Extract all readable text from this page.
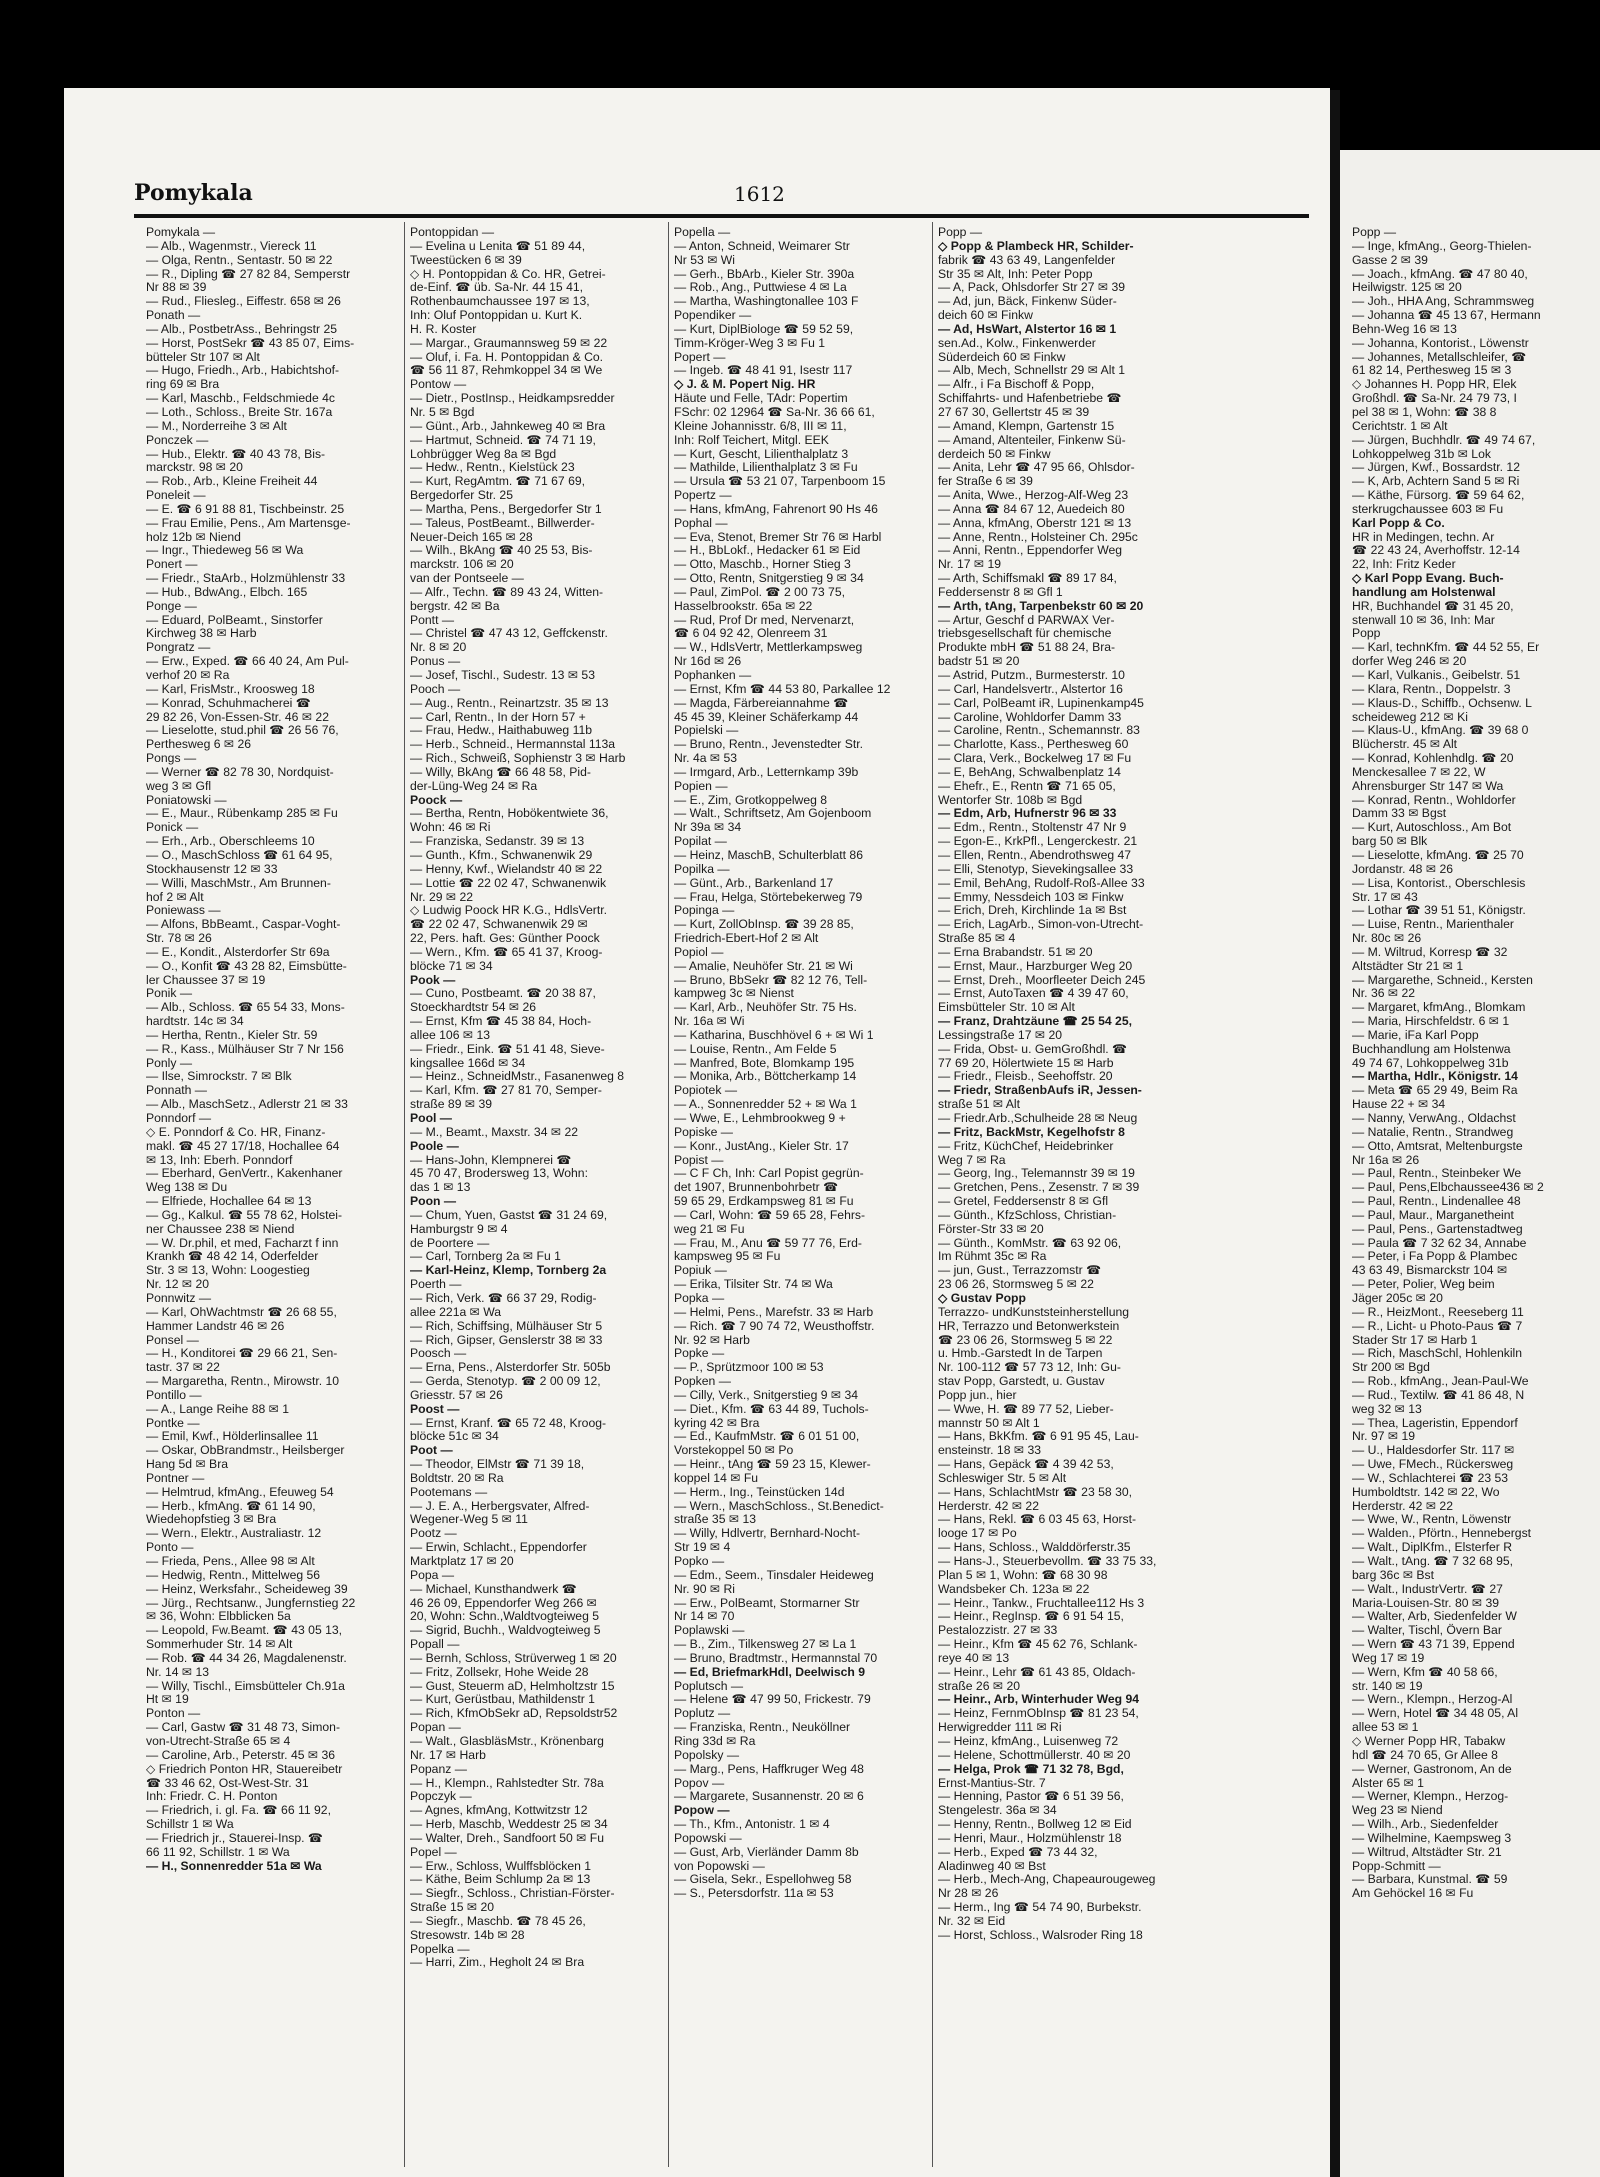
Pomykala	1612
Pomykala —
— Alb., Wagenmstr., Viereck 11
— Olga, Rentn., Sentastr. 50 ✉ 22
— R., Dipling ☎ 27 82 84, Semperstr
Nr 88 ✉ 39
— Rud., Fliesleg., Eiffestr. 658 ✉ 26
Ponath —
— Alb., PostbetrAss., Behringstr 25
— Horst, PostSekr ☎ 43 85 07, Eims-
bütteler Str 107 ✉ Alt
— Hugo, Friedh., Arb., Habichtshof-
ring 69 ✉ Bra
— Karl, Maschb., Feldschmiede 4c
— Loth., Schloss., Breite Str. 167a
— M., Norderreihe 3 ✉ Alt
Ponczek —
— Hub., Elektr. ☎ 40 43 78, Bis-
marckstr. 98 ✉ 20
— Rob., Arb., Kleine Freiheit 44
Poneleit —
— E. ☎ 6 91 88 81, Tischbeinstr. 25
— Frau Emilie, Pens., Am Martensge-
holz 12b ✉ Niend
— Ingr., Thiedeweg 56 ✉ Wa
Ponert —
— Friedr., StaArb., Holzmühlenstr 33
— Hub., BdwAng., Elbch. 165
Ponge —
— Eduard, PolBeamt., Sinstorfer
Kirchweg 38 ✉ Harb
Pongratz —
— Erw., Exped. ☎ 66 40 24, Am Pul-
verhof 20 ✉ Ra
— Karl, FrisMstr., Kroosweg 18
— Konrad, Schuhmacherei ☎
29 82 26, Von-Essen-Str. 46 ✉ 22
— Lieselotte, stud.phil ☎ 26 56 76,
Perthesweg 6 ✉ 26
Pongs —
— Werner ☎ 82 78 30, Nordquist-
weg 3 ✉ Gfl
Poniatowski —
— E., Maur., Rübenkamp 285 ✉ Fu
Ponick —
— Erh., Arb., Oberschleems 10
— O., MaschSchloss ☎ 61 64 95,
Stockhausenstr 12 ✉ 33
— Willi, MaschMstr., Am Brunnen-
hof 2 ✉ Alt
Poniewass —
— Alfons, BbBeamt., Caspar-Voght-
Str. 78 ✉ 26
— E., Kondit., Alsterdorfer Str 69a
— O., Konfit ☎ 43 28 82, Eimsbütte-
ler Chaussee 37 ✉ 19
Ponik —
— Alb., Schloss. ☎ 65 54 33, Mons-
hardtstr. 14c ✉ 34
— Hertha, Rentn., Kieler Str. 59
— R., Kass., Mülhäuser Str 7 Nr 156
Ponly —
— Ilse, Simrockstr. 7 ✉ Blk
Ponnath —
— Alb., MaschSetz., Adlerstr 21 ✉ 33
Ponndorf —
◇ E. Ponndorf & Co. HR, Finanz-
makl. ☎ 45 27 17/18, Hochallee 64
✉ 13, Inh: Eberh. Ponndorf
— Eberhard, GenVertr., Kakenhaner
Weg 138 ✉ Du
— Elfriede, Hochallee 64 ✉ 13
— Gg., Kalkul. ☎ 55 78 62, Holstei-
ner Chaussee 238 ✉ Niend
— W. Dr.phil, et med, Facharzt f inn
Krankh ☎ 48 42 14, Oderfelder
Str. 3 ✉ 13, Wohn: Loogestieg
Nr. 12 ✉ 20
Ponnwitz —
— Karl, OhWachtmstr ☎ 26 68 55,
Hammer Landstr 46 ✉ 26
Ponsel —
— H., Konditorei ☎ 29 66 21, Sen-
tastr. 37 ✉ 22
— Margaretha, Rentn., Mirowstr. 10
Pontillo —
— A., Lange Reihe 88 ✉ 1
Pontke —
— Emil, Kwf., Hölderlinsallee 11
— Oskar, ObBrandmstr., Heilsberger
Hang 5d ✉ Bra
Pontner —
— Helmtrud, kfmAng., Efeuweg 54
— Herb., kfmAng. ☎ 61 14 90,
Wiedehopfstieg 3 ✉ Bra
— Wern., Elektr., Australiastr. 12
Ponto —
— Frieda, Pens., Allee 98 ✉ Alt
— Hedwig, Rentn., Mittelweg 56
— Heinz, Werksfahr., Scheideweg 39
— Jürg., Rechtsanw., Jungfernstieg 22
✉ 36, Wohn: Elbblicken 5a
— Leopold, Fw.Beamt. ☎ 43 05 13,
Sommerhuder Str. 14 ✉ Alt
— Rob. ☎ 44 34 26, Magdalenenstr.
Nr. 14 ✉ 13
— Willy, Tischl., Eimsbütteler Ch.91a
Ht ✉ 19
Ponton —
— Carl, Gastw ☎ 31 48 73, Simon-
von-Utrecht-Straße 65 ✉ 4
— Caroline, Arb., Peterstr. 45 ✉ 36
◇ Friedrich Ponton HR, Stauereibetr
☎ 33 46 62, Ost-West-Str. 31
Inh: Friedr. C. H. Ponton
— Friedrich, i. gl. Fa. ☎ 66 11 92,
Schillstr 1 ✉ Wa
— Friedrich jr., Stauerei-Insp. ☎
66 11 92, Schillstr. 1 ✉ Wa
— H., Sonnenredder 51a ✉ Wa
Pontoppidan —
— Evelina u Lenita ☎ 51 89 44,
Tweestücken 6 ✉ 39
◇ H. Pontoppidan & Co. HR, Getrei-
de-Einf. ☎ üb. Sa-Nr. 44 15 41,
Rothenbaumchaussee 197 ✉ 13,
Inh: Oluf Pontoppidan u. Kurt K.
H. R. Koster
— Margar., Graumannsweg 59 ✉ 22
— Oluf, i. Fa. H. Pontoppidan & Co.
☎ 56 11 87, Rehmkoppel 34 ✉ We
Pontow —
— Dietr., PostInsp., Heidkampsredder
Nr. 5 ✉ Bgd
— Günt., Arb., Jahnkeweg 40 ✉ Bra
— Hartmut, Schneid. ☎ 74 71 19,
Lohbrügger Weg 8a ✉ Bgd
— Hedw., Rentn., Kielstück 23
— Kurt, RegAmtm. ☎ 71 67 69,
Bergedorfer Str. 25
— Martha, Pens., Bergedorfer Str 1
— Taleus, PostBeamt., Billwerder-
Neuer-Deich 165 ✉ 28
— Wilh., BkAng ☎ 40 25 53, Bis-
marckstr. 106 ✉ 20
van der Pontseele —
— Alfr., Techn. ☎ 89 43 24, Witten-
bergstr. 42 ✉ Ba
Pontt —
— Christel ☎ 47 43 12, Geffckenstr.
Nr. 8 ✉ 20
Ponus —
— Josef, Tischl., Sudestr. 13 ✉ 53
Pooch —
— Aug., Rentn., Reinartzstr. 35 ✉ 13
— Carl, Rentn., In der Horn 57 +
— Frau, Hedw., Haithabuweg 11b
— Herb., Schneid., Hermannstal 113a
— Rich., Schweiß, Sophienstr 3 ✉ Harb
— Willy, BkAng ☎ 66 48 58, Pid-
der-Lüng-Weg 24 ✉ Ra
Poock —
— Bertha, Rentn, Hobökentwiete 36,
Wohn: 46 ✉ Ri
— Franziska, Sedanstr. 39 ✉ 13
— Gunth., Kfm., Schwanenwik 29
— Henny, Kwf., Wielandstr 40 ✉ 22
— Lottie ☎ 22 02 47, Schwanenwik
Nr. 29 ✉ 22
◇ Ludwig Poock HR K.G., HdlsVertr.
☎ 22 02 47, Schwanenwik 29 ✉
22, Pers. haft. Ges: Günther Poock
— Wern., Kfm. ☎ 65 41 37, Kroog-
blöcke 71 ✉ 34
Pook —
— Cuno, Postbeamt. ☎ 20 38 87,
Stoeckhardtstr 54 ✉ 26
— Ernst, Kfm ☎ 45 38 84, Hoch-
allee 106 ✉ 13
— Friedr., Eink. ☎ 51 41 48, Sieve-
kingsallee 166d ✉ 34
— Heinz., SchneidMstr., Fasanenweg 8
— Karl, Kfm. ☎ 27 81 70, Semper-
straße 89 ✉ 39
Pool —
— M., Beamt., Maxstr. 34 ✉ 22
Poole —
— Hans-John, Klempnerei ☎
45 70 47, Brodersweg 13, Wohn:
das 1 ✉ 13
Poon —
— Chum, Yuen, Gastst ☎ 31 24 69,
Hamburgstr 9 ✉ 4
de Poortere —
— Carl, Tornberg 2a ✉ Fu 1
— Karl-Heinz, Klemp, Tornberg 2a
Poerth —
— Rich, Verk. ☎ 66 37 29, Rodig-
allee 221a ✉ Wa
— Rich, Schiffsing, Mülhäuser Str 5
— Rich, Gipser, Genslerstr 38 ✉ 33
Poosch —
— Erna, Pens., Alsterdorfer Str. 505b
— Gerda, Stenotyp. ☎ 2 00 09 12,
Griesstr. 57 ✉ 26
Poost —
— Ernst, Kranf. ☎ 65 72 48, Kroog-
blöcke 51c ✉ 34
Poot —
— Theodor, ElMstr ☎ 71 39 18,
Boldtstr. 20 ✉ Ra
Pootemans —
— J. E. A., Herbergsvater, Alfred-
Wegener-Weg 5 ✉ 11
Pootz —
— Erwin, Schlacht., Eppendorfer
Marktplatz 17 ✉ 20
Popa —
— Michael, Kunsthandwerk ☎
46 26 09, Eppendorfer Weg 266 ✉
20, Wohn: Schn.,Waldtvogteiweg 5
— Sigrid, Buchh., Waldvogteiweg 5
Popall —
— Bernh, Schloss, Strüverweg 1 ✉ 20
— Fritz, Zollsekr, Hohe Weide 28
— Gust, Steuerm aD, Helmholtzstr 15
— Kurt, Gerüstbau, Mathildenstr 1
— Rich, KfmObSekr aD, Repsoldstr52
Popan —
— Walt., GlasbläsMstr., Krönenbarg
Nr. 17 ✉ Harb
Popanz —
— H., Klempn., Rahlstedter Str. 78a
Popczyk —
— Agnes, kfmAng, Kottwitzstr 12
— Herb, Maschb, Weddestr 25 ✉ 34
— Walter, Dreh., Sandfoort 50 ✉ Fu
Popel —
— Erw., Schloss, Wulffsblöcken 1
— Käthe, Beim Schlump 2a ✉ 13
— Siegfr., Schloss., Christian-Förster-
Straße 15 ✉ 20
— Siegfr., Maschb. ☎ 78 45 26,
Stresowstr. 14b ✉ 28
Popelka —
— Harri, Zim., Hegholt 24 ✉ Bra
Popella —
— Anton, Schneid, Weimarer Str
Nr 53 ✉ Wi
— Gerh., BbArb., Kieler Str. 390a
— Rob., Ang., Puttwiese 4 ✉ La
— Martha, Washingtonallee 103 F
Popendiker —
— Kurt, DiplBiologe ☎ 59 52 59,
Timm-Kröger-Weg 3 ✉ Fu 1
Popert —
— Ingeb. ☎ 48 41 91, Isestr 117
◇ J. & M. Popert Nig. HR
Häute und Felle, TAdr: Popertim
FSchr: 02 12964 ☎ Sa-Nr. 36 66 61,
Kleine Johannisstr. 6/8, III ✉ 11,
Inh: Rolf Teichert, Mitgl. EEK
— Kurt, Gescht, Lilienthalplatz 3
— Mathilde, Lilienthalplatz 3 ✉ Fu
— Ursula ☎ 53 21 07, Tarpenboom 15
Popertz —
— Hans, kfmAng, Fahrenort 90 Hs 46
Pophal —
— Eva, Stenot, Bremer Str 76 ✉ Harbl
— H., BbLokf., Hedacker 61 ✉ Eid
— Otto, Maschb., Horner Stieg 3
— Otto, Rentn, Snitgerstieg 9 ✉ 34
— Paul, ZimPol. ☎ 2 00 73 75,
Hasselbrookstr. 65a ✉ 22
— Rud, Prof Dr med, Nervenarzt,
☎ 6 04 92 42, Olenreem 31
— W., HdlsVertr, Mettlerkampsweg
Nr 16d ✉ 26
Pophanken —
— Ernst, Kfm ☎ 44 53 80, Parkallee 12
— Magda, Färbereiannahme ☎
45 45 39, Kleiner Schäferkamp 44
Popielski —
— Bruno, Rentn., Jevenstedter Str.
Nr. 4a ✉ 53
— Irmgard, Arb., Letternkamp 39b
Popien —
— E., Zim, Grotkoppelweg 8
— Walt., Schriftsetz, Am Gojenboom
Nr 39a ✉ 34
Popilat —
— Heinz, MaschB, Schulterblatt 86
Popilka —
— Günt., Arb., Barkenland 17
— Frau, Helga, Störtebekerweg 79
Popinga —
— Kurt, ZollObInsp. ☎ 39 28 85,
Friedrich-Ebert-Hof 2 ✉ Alt
Popiol —
— Amalie, Neuhöfer Str. 21 ✉ Wi
— Bruno, BbSekr ☎ 82 12 76, Tell-
kampweg 3c ✉ Nienst
— Karl, Arb., Neuhöfer Str. 75 Hs.
Nr. 16a ✉ Wi
— Katharina, Buschhövel 6 + ✉ Wi 1
— Louise, Rentn., Am Felde 5
— Manfred, Bote, Blomkamp 195
— Monika, Arb., Böttcherkamp 14
Popiotek —
— A., Sonnenredder 52 + ✉ Wa 1
— Wwe, E., Lehmbrookweg 9 +
Popiske —
— Konr., JustAng., Kieler Str. 17
Popist —
— C F Ch, Inh: Carl Popist gegrün-
det 1907, Brunnenbohrbetr ☎
59 65 29, Erdkampsweg 81 ✉ Fu
— Carl, Wohn: ☎ 59 65 28, Fehrs-
weg 21 ✉ Fu
— Frau, M., Anu ☎ 59 77 76, Erd-
kampsweg 95 ✉ Fu
Popiuk —
— Erika, Tilsiter Str. 74 ✉ Wa
Popka —
— Helmi, Pens., Marefstr. 33 ✉ Harb
— Rich. ☎ 7 90 74 72, Weusthoffstr.
Nr. 92 ✉ Harb
Popke —
— P., Sprützmoor 100 ✉ 53
Popken —
— Cilly, Verk., Snitgerstieg 9 ✉ 34
— Diet., Kfm. ☎ 63 44 89, Tuchols-
kyring 42 ✉ Bra
— Ed., KaufmMstr. ☎ 6 01 51 00,
Vorstekoppel 50 ✉ Po
— Heinr., tAng ☎ 59 23 15, Klewer-
koppel 14 ✉ Fu
— Herm., Ing., Teinstücken 14d
— Wern., MaschSchloss., St.Benedict-
straße 35 ✉ 13
— Willy, Hdlvertr, Bernhard-Nocht-
Str 19 ✉ 4
Popko —
— Edm., Seem., Tinsdaler Heideweg
Nr. 90 ✉ Ri
— Erw., PolBeamt, Stormarner Str
Nr 14 ✉ 70
Poplawski —
— B., Zim., Tilkensweg 27 ✉ La 1
— Bruno, Bradtmstr., Hermannstal 70
— Ed, BriefmarkHdl, Deelwisch 9
Poplutsch —
— Helene ☎ 47 99 50, Frickestr. 79
Poplutz —
— Franziska, Rentn., Neuköllner
Ring 33d ✉ Ra
Popolsky —
— Marg., Pens, Haffkruger Weg 48
Popov —
— Margarete, Susannenstr. 20 ✉ 6
Popow —
— Th., Kfm., Antonistr. 1 ✉ 4
Popowski —
— Gust, Arb, Vierländer Damm 8b
von Popowski —
— Gisela, Sekr., Espellohweg 58
— S., Petersdorfstr. 11a ✉ 53
Popp —
◇ Popp & Plambeck HR, Schilder-
fabrik ☎ 43 63 49, Langenfelder
Str 35 ✉ Alt, Inh: Peter Popp
— A, Pack, Ohlsdorfer Str 27 ✉ 39
— Ad, jun, Bäck, Finkenw Süder-
deich 60 ✉ Finkw
— Ad, HsWart, Alstertor 16 ✉ 1
sen.Ad., Kolw., Finkenwerder
Süderdeich 60 ✉ Finkw
— Alb, Mech, Schnellstr 29 ✉ Alt 1
— Alfr., i Fa Bischoff & Popp,
Schiffahrts- und Hafenbetriebe ☎
27 67 30, Gellertstr 45 ✉ 39
— Amand, Klempn, Gartenstr 15
— Amand, Altenteiler, Finkenw Sü-
derdeich 50 ✉ Finkw
— Anita, Lehr ☎ 47 95 66, Ohlsdor-
fer Straße 6 ✉ 39
— Anita, Wwe., Herzog-Alf-Weg 23
— Anna ☎ 84 67 12, Auedeich 80
— Anna, kfmAng, Oberstr 121 ✉ 13
— Anne, Rentn., Holsteiner Ch. 295c
— Anni, Rentn., Eppendorfer Weg
Nr. 17 ✉ 19
— Arth, Schiffsmakl ☎ 89 17 84,
Feddersenstr 8 ✉ Gfl 1
— Arth, tAng, Tarpenbekstr 60 ✉ 20
— Artur, Geschf d PARWAX Ver-
triebsgesellschaft für chemische
Produkte mbH ☎ 51 88 24, Bra-
badstr 51 ✉ 20
— Astrid, Putzm., Burmesterstr. 10
— Carl, Handelsvertr., Alstertor 16
— Carl, PolBeamt iR, Lupinenkamp45
— Caroline, Wohldorfer Damm 33
— Caroline, Rentn., Schemannstr. 83
— Charlotte, Kass., Perthesweg 60
— Clara, Verk., Bockelweg 17 ✉ Fu
— E, BehAng, Schwalbenplatz 14
— Ehefr., E., Rentn ☎ 71 65 05,
Wentorfer Str. 108b ✉ Bgd
— Edm, Arb, Hufnerstr 96 ✉ 33
— Edm., Rentn., Stoltenstr 47 Nr 9
— Egon-E., KrkPfl., Lengerckestr. 21
— Ellen, Rentn., Abendrothsweg 47
— Elli, Stenotyp, Sievekingsallee 33
— Emil, BehAng, Rudolf-Roß-Allee 33
— Emmy, Nessdeich 103 ✉ Finkw
— Erich, Dreh, Kirchlinde 1a ✉ Bst
— Erich, LagArb., Simon-von-Utrecht-
Straße 85 ✉ 4
— Erna Brabandstr. 51 ✉ 20
— Ernst, Maur., Harzburger Weg 20
— Ernst, Dreh., Moorfleeter Deich 245
— Ernst, AutoTaxen ☎ 4 39 47 60,
Eimsbütteler Str. 10 ✉ Alt
— Franz, Drahtzäune ☎ 25 54 25,
Lessingstraße 17 ✉ 20
— Frida, Obst- u. GemGroßhdl. ☎
77 69 20, Hölertwiete 15 ✉ Harb
— Friedr., Fleisb., Seehoffstr. 20
— Friedr, StraßenbAufs iR, Jessen-
straße 51 ✉ Alt
— Friedr.Arb.,Schulheide 28 ✉ Neug
— Fritz, BackMstr, Kegelhofstr 8
— Fritz, KüchChef, Heidebrinker
Weg 7 ✉ Ra
— Georg, Ing., Telemannstr 39 ✉ 19
— Gretchen, Pens., Zesenstr. 7 ✉ 39
— Gretel, Feddersenstr 8 ✉ Gfl
— Günth., KfzSchloss, Christian-
Förster-Str 33 ✉ 20
— Günth., KomMstr. ☎ 63 92 06,
Im Rühmt 35c ✉ Ra
— jun, Gust., Terrazzomstr ☎
23 06 26, Stormsweg 5 ✉ 22
◇ Gustav Popp
Terrazzo- undKunststeinherstellung
HR, Terrazzo und Betonwerkstein
☎ 23 06 26, Stormsweg 5 ✉ 22
u. Hmb.-Garstedt In de Tarpen
Nr. 100-112 ☎ 57 73 12, Inh: Gu-
stav Popp, Garstedt, u. Gustav
Popp jun., hier
— Wwe, H. ☎ 89 77 52, Lieber-
mannstr 50 ✉ Alt 1
— Hans, BkKfm. ☎ 6 91 95 45, Lau-
ensteinstr. 18 ✉ 33
— Hans, Gepäck ☎ 4 39 42 53,
Schleswiger Str. 5 ✉ Alt
— Hans, SchlachtMstr ☎ 23 58 30,
Herderstr. 42 ✉ 22
— Hans, Rekl. ☎ 6 03 45 63, Horst-
looge 17 ✉ Po
— Hans, Schloss., Walddörferstr.35
— Hans-J., Steuerbevollm. ☎ 33 75 33,
Plan 5 ✉ 1, Wohn: ☎ 68 30 98
Wandsbeker Ch. 123a ✉ 22
— Heinr., Tankw., Fruchtallee112 Hs 3
— Heinr., RegInsp. ☎ 6 91 54 15,
Pestalozzistr. 27 ✉ 33
— Heinr., Kfm ☎ 45 62 76, Schlank-
reye 40 ✉ 13
— Heinr., Lehr ☎ 61 43 85, Oldach-
straße 26 ✉ 20
— Heinr., Arb, Winterhuder Weg 94
— Heinz, FernmObInsp ☎ 81 23 54,
Herwigredder 111 ✉ Ri
— Heinz, kfmAng., Luisenweg 72
— Helene, Schottmüllerstr. 40 ✉ 20
— Helga, Prok ☎ 71 32 78, Bgd,
Ernst-Mantius-Str. 7
— Henning, Pastor ☎ 6 51 39 56,
Stengelestr. 36a ✉ 34
— Henny, Rentn., Bollweg 12 ✉ Eid
— Henri, Maur., Holzmühlenstr 18
— Herb., Exped ☎ 73 44 32,
Aladinweg 40 ✉ Bst
— Herb., Mech-Ang, Chapeaurougeweg
Nr 28 ✉ 26
— Herm., Ing ☎ 54 74 90, Burbekstr.
Nr. 32 ✉ Eid
— Horst, Schloss., Walsroder Ring 18
Popp —
— Inge, kfmAng., Georg-Thielen-
Gasse 2 ✉ 39
— Joach., kfmAng. ☎ 47 80 40,
Heilwigstr. 125 ✉ 20
— Joh., HHA Ang, Schrammsweg
— Johanna ☎ 45 13 67, Hermann
Behn-Weg 16 ✉ 13
— Johanna, Kontorist., Löwenstr
— Johannes, Metallschleifer, ☎
61 82 14, Perthesweg 15 ✉ 3
◇ Johannes H. Popp HR, Elek
Großhdl. ☎ Sa-Nr. 24 79 73, I
pel 38 ✉ 1, Wohn: ☎ 38 8
Cerichtstr. 1 ✉ Alt
— Jürgen, Buchhdlr. ☎ 49 74 67,
Lohkoppelweg 31b ✉ Lok
— Jürgen, Kwf., Bossardstr. 12
— K, Arb, Achtern Sand 5 ✉ Ri
— Käthe, Fürsorg. ☎ 59 64 62,
sterkrugchaussee 603 ✉ Fu
Karl Popp & Co.
HR in Medingen, techn. Ar
☎ 22 43 24, Averhoffstr. 12-14
22, Inh: Fritz Keder
◇ Karl Popp Evang. Buch-
handlung am Holstenwal
HR, Buchhandel ☎ 31 45 20,
stenwall 10 ✉ 36, Inh: Mar
Popp
— Karl, technKfm. ☎ 44 52 55, Er
dorfer Weg 246 ✉ 20
— Karl, Vulkanis., Geibelstr. 51
— Klara, Rentn., Doppelstr. 3
— Klaus-D., Schiffb., Ochsenw. L
scheideweg 212 ✉ Ki
— Klaus-U., kfmAng. ☎ 39 68 0
Blücherstr. 45 ✉ Alt
— Konrad, Kohlenhdlg. ☎ 20
Menckesallee 7 ✉ 22, W
Ahrensburger Str 147 ✉ Wa
— Konrad, Rentn., Wohldorfer
Damm 33 ✉ Bgst
— Kurt, Autoschloss., Am Bot
barg 50 ✉ Blk
— Lieselotte, kfmAng. ☎ 25 70
Jordanstr. 48 ✉ 26
— Lisa, Kontorist., Oberschlesis
Str. 17 ✉ 43
— Lothar ☎ 39 51 51, Königstr.
— Luise, Rentn., Marienthaler
Nr. 80c ✉ 26
— M. Wiltrud, Korresp ☎ 32
Altstädter Str 21 ✉ 1
— Margarethe, Schneid., Kersten
Nr. 36 ✉ 22
— Margaret, kfmAng., Blomkam
— Maria, Hirschfeldstr. 6 ✉ 1
— Marie, iFa Karl Popp
Buchhandlung am Holstenwa
49 74 67, Lohkoppelweg 31b
— Martha, Hdlr., Königstr. 14
— Meta ☎ 65 29 49, Beim Ra
Hause 22 + ✉ 34
— Nanny, VerwAng., Oldachst
— Natalie, Rentn., Strandweg
— Otto, Amtsrat, Meltenburgste
Nr 16a ✉ 26
— Paul, Rentn., Steinbeker We
— Paul, Pens,Elbchaussee436 ✉ 2
— Paul, Rentn., Lindenallee 48
— Paul, Maur., Marganetheint
— Paul, Pens., Gartenstadtweg
— Paula ☎ 7 32 62 34, Annabe
— Peter, i Fa Popp & Plambec
43 63 49, Bismarckstr 104 ✉
— Peter, Polier, Weg beim
Jäger 205c ✉ 20
— R., HeizMont., Reeseberg 11
— R., Licht- u Photo-Paus ☎ 7
Stader Str 17 ✉ Harb 1
— Rich, MaschSchl, Hohlenkiln
Str 200 ✉ Bgd
— Rob., kfmAng., Jean-Paul-We
— Rud., Textilw. ☎ 41 86 48, N
weg 32 ✉ 13
— Thea, Lageristin, Eppendorf
Nr. 97 ✉ 19
— U., Haldesdorfer Str. 117 ✉
— Uwe, FMech., Rückersweg
— W., Schlachterei ☎ 23 53
Humboldtstr. 142 ✉ 22, Wo
Herderstr. 42 ✉ 22
— Wwe, W., Rentn, Löwenstr
— Walden., Pförtn., Hennebergst
— Walt., DiplKfm., Elsterfer R
— Walt., tAng. ☎ 7 32 68 95,
barg 36c ✉ Bst
— Walt., IndustrVertr. ☎ 27
Maria-Louisen-Str. 80 ✉ 39
— Walter, Arb, Siedenfelder W
— Walter, Tischl, Övern Bar
— Wern ☎ 43 71 39, Eppend
Weg 17 ✉ 19
— Wern, Kfm ☎ 40 58 66,
str. 140 ✉ 19
— Wern., Klempn., Herzog-Al
— Wern, Hotel ☎ 34 48 05, Al
allee 53 ✉ 1
◇ Werner Popp HR, Tabakw
hdl ☎ 24 70 65, Gr Allee 8
— Werner, Gastronom, An de
Alster 65 ✉ 1
— Werner, Klempn., Herzog-
Weg 23 ✉ Niend
— Wilh., Arb., Siedenfelder
— Wilhelmine, Kaempsweg 3
— Wiltrud, Altstädter Str. 21
Popp-Schmitt —
— Barbara, Kunstmal. ☎ 59
Am Gehöckel 16 ✉ Fu
